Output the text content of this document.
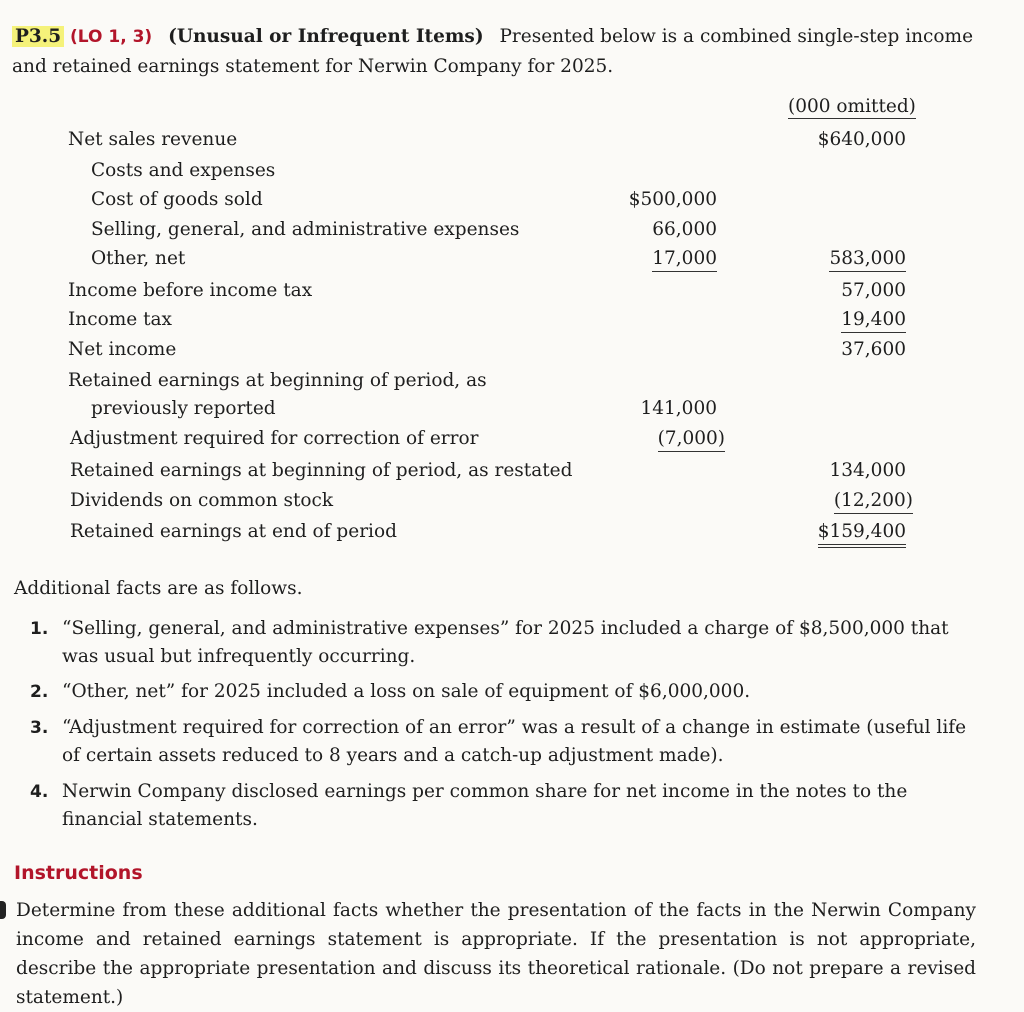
P3.5 (LO 1, 3) (Unusual or Infrequent Items) Presented below is a combined single-step income and retained earnings statement for Nerwin Company for 2025.
(000 omitted)
Net sales revenue	$640,000
Costs and expenses
Cost of goods sold	$500,000
Selling, general, and administrative expenses	66,000
Other, net	17,000	583,000
Income before income tax	57,000
Income tax	19,400
Net income	37,600
Retained earnings at beginning of period, as
previously reported	141,000
Adjustment required for correction of error	(7,000)
Retained earnings at beginning of period, as restated	134,000
Dividends on common stock	(12,200)
Retained earnings at end of period	$159,400
Additional facts are as follows.
1. “Selling, general, and administrative expenses” for 2025 included a charge of $8,500,000 that was usual but infrequently occurring.
2. “Other, net” for 2025 included a loss on sale of equipment of $6,000,000.
3. “Adjustment required for correction of an error” was a result of a change in estimate (useful life of certain assets reduced to 8 years and a catch-up adjustment made).
4. Nerwin Company disclosed earnings per common share for net income in the notes to the financial statements.
Instructions
Determine from these additional facts whether the presentation of the facts in the Nerwin Company income and retained earnings statement is appropriate. If the presentation is not appropriate, describe the appropriate presentation and discuss its theoretical rationale. (Do not prepare a revised statement.)
